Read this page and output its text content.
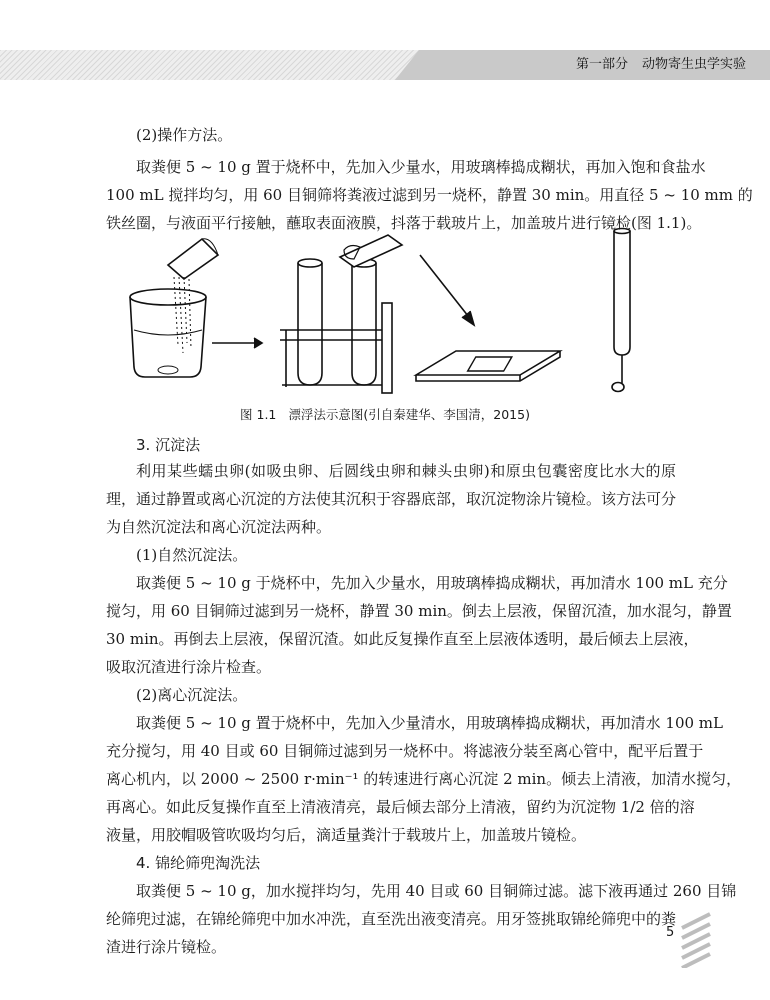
第一部分 动物寄生虫学实验
(2)操作方法。
取粪便 5 ~ 10 g 置于烧杯中，先加入少量水，用玻璃棒捣成糊状，再加入饱和食盐水
100 mL 搅拌均匀，用 60 目铜筛将粪液过滤到另一烧杯，静置 30 min。用直径 5 ~ 10 mm 的
铁丝圈，与液面平行接触，蘸取表面液膜，抖落于载玻片上，加盖玻片进行镜检(图 1.1)。
图 1.1 漂浮法示意图(引自秦建华、李国清，2015)
3. 沉淀法
利用某些蠕虫卵(如吸虫卵、后圆线虫卵和棘头虫卵)和原虫包囊密度比水大的原
理，通过静置或离心沉淀的方法使其沉积于容器底部，取沉淀物涂片镜检。该方法可分
为自然沉淀法和离心沉淀法两种。
(1)自然沉淀法。
取粪便 5 ~ 10 g 于烧杯中，先加入少量水，用玻璃棒捣成糊状，再加清水 100 mL 充分
搅匀，用 60 目铜筛过滤到另一烧杯，静置 30 min。倒去上层液，保留沉渣，加水混匀，静置
30 min。再倒去上层液，保留沉渣。如此反复操作直至上层液体透明，最后倾去上层液，
吸取沉渣进行涂片检查。
(2)离心沉淀法。
取粪便 5 ~ 10 g 置于烧杯中，先加入少量清水，用玻璃棒捣成糊状，再加清水 100 mL
充分搅匀，用 40 目或 60 目铜筛过滤到另一烧杯中。将滤液分装至离心管中，配平后置于
离心机内，以 2000 ~ 2500 r·min⁻¹ 的转速进行离心沉淀 2 min。倾去上清液，加清水搅匀，
再离心。如此反复操作直至上清液清亮，最后倾去部分上清液，留约为沉淀物 1/2 倍的溶
液量，用胶帽吸管吹吸均匀后，滴适量粪汁于载玻片上，加盖玻片镜检。
4. 锦纶筛兜淘洗法
取粪便 5 ~ 10 g，加水搅拌均匀，先用 40 目或 60 目铜筛过滤。滤下液再通过 260 目锦
纶筛兜过滤，在锦纶筛兜中加水冲洗，直至洗出液变清亮。用牙签挑取锦纶筛兜中的粪
渣进行涂片镜检。
5
